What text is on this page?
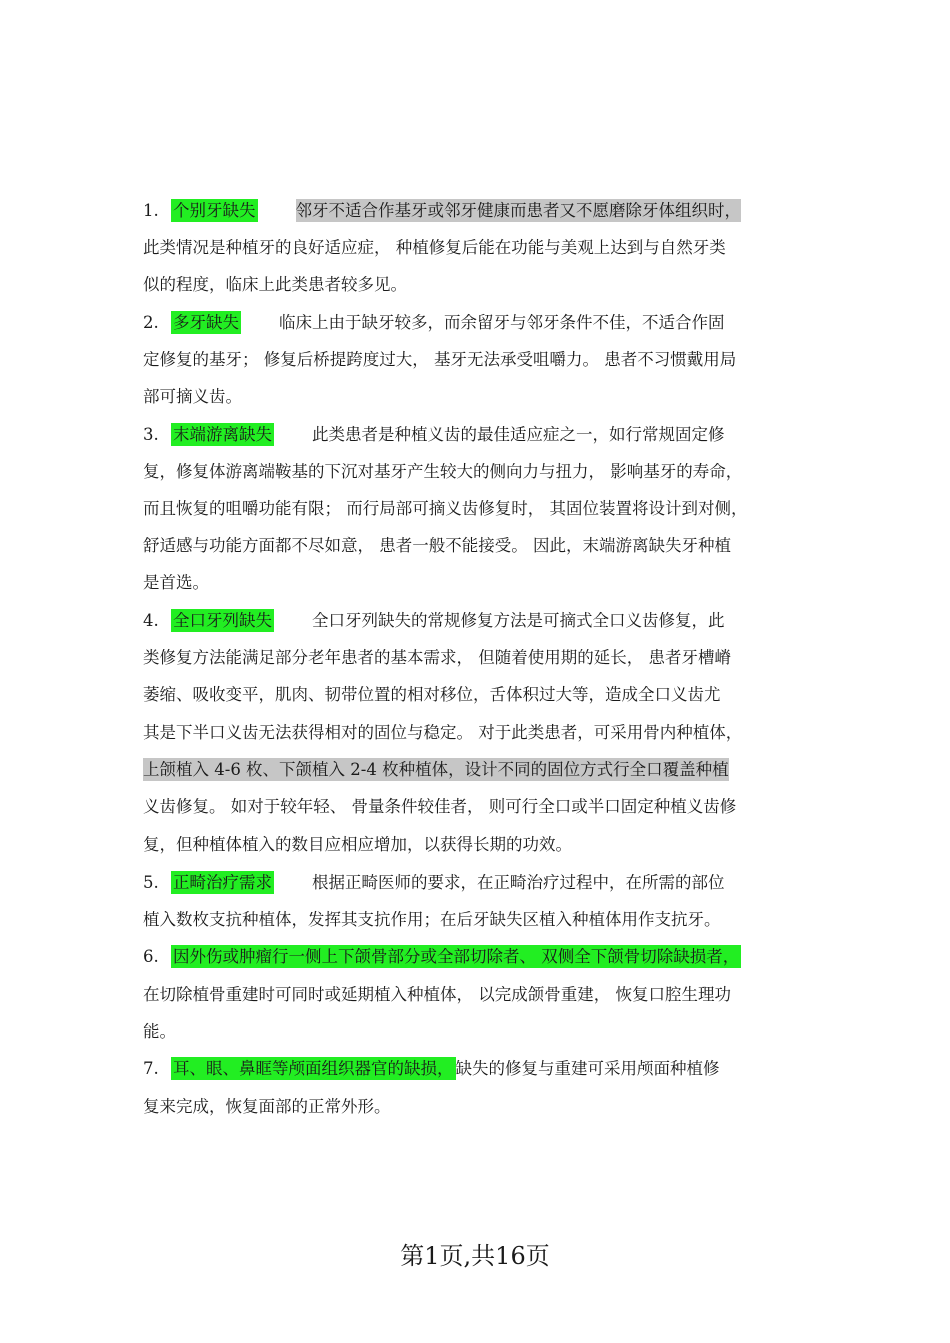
1. 个别牙缺失 邻牙不适合作基牙或邻牙健康而患者又不愿磨除牙体组织时，
此类情况是种植牙的良好适应症， 种植修复后能在功能与美观上达到与自然牙类
似的程度，临床上此类患者较多见。
2. 多牙缺失 临床上由于缺牙较多，而余留牙与邻牙条件不佳，不适合作固
定修复的基牙； 修复后桥提跨度过大， 基牙无法承受咀嚼力。 患者不习惯戴用局
部可摘义齿。
3. 末端游离缺失 此类患者是种植义齿的最佳适应症之一，如行常规固定修
复，修复体游离端鞍基的下沉对基牙产生较大的侧向力与扭力， 影响基牙的寿命，
而且恢复的咀嚼功能有限； 而行局部可摘义齿修复时， 其固位装置将设计到对侧，
舒适感与功能方面都不尽如意， 患者一般不能接受。 因此，末端游离缺失牙种植
是首选。
4. 全口牙列缺失 全口牙列缺失的常规修复方法是可摘式全口义齿修复，此
类修复方法能满足部分老年患者的基本需求， 但随着使用期的延长， 患者牙槽嵴
萎缩、吸收变平，肌肉、韧带位置的相对移位，舌体积过大等，造成全口义齿尤
其是下半口义齿无法获得相对的固位与稳定。 对于此类患者，可采用骨内种植体，
上颌植入 4-6 枚、下颌植入 2-4 枚种植体，设计不同的固位方式行全口覆盖种植
义齿修复。 如对于较年轻、 骨量条件较佳者， 则可行全口或半口固定种植义齿修
复，但种植体植入的数目应相应增加，以获得长期的功效。
5. 正畸治疗需求 根据正畸医师的要求，在正畸治疗过程中，在所需的部位
植入数枚支抗种植体，发挥其支抗作用；在后牙缺失区植入种植体用作支抗牙。
6. 因外伤或肿瘤行一侧上下颌骨部分或全部切除者、 双侧全下颌骨切除缺损者，
在切除植骨重建时可同时或延期植入种植体， 以完成颌骨重建， 恢复口腔生理功
能。
7. 耳、眼、鼻眶等颅面组织器官的缺损， 缺失的修复与重建可采用颅面种植修
复来完成，恢复面部的正常外形。
第1页,共16页
